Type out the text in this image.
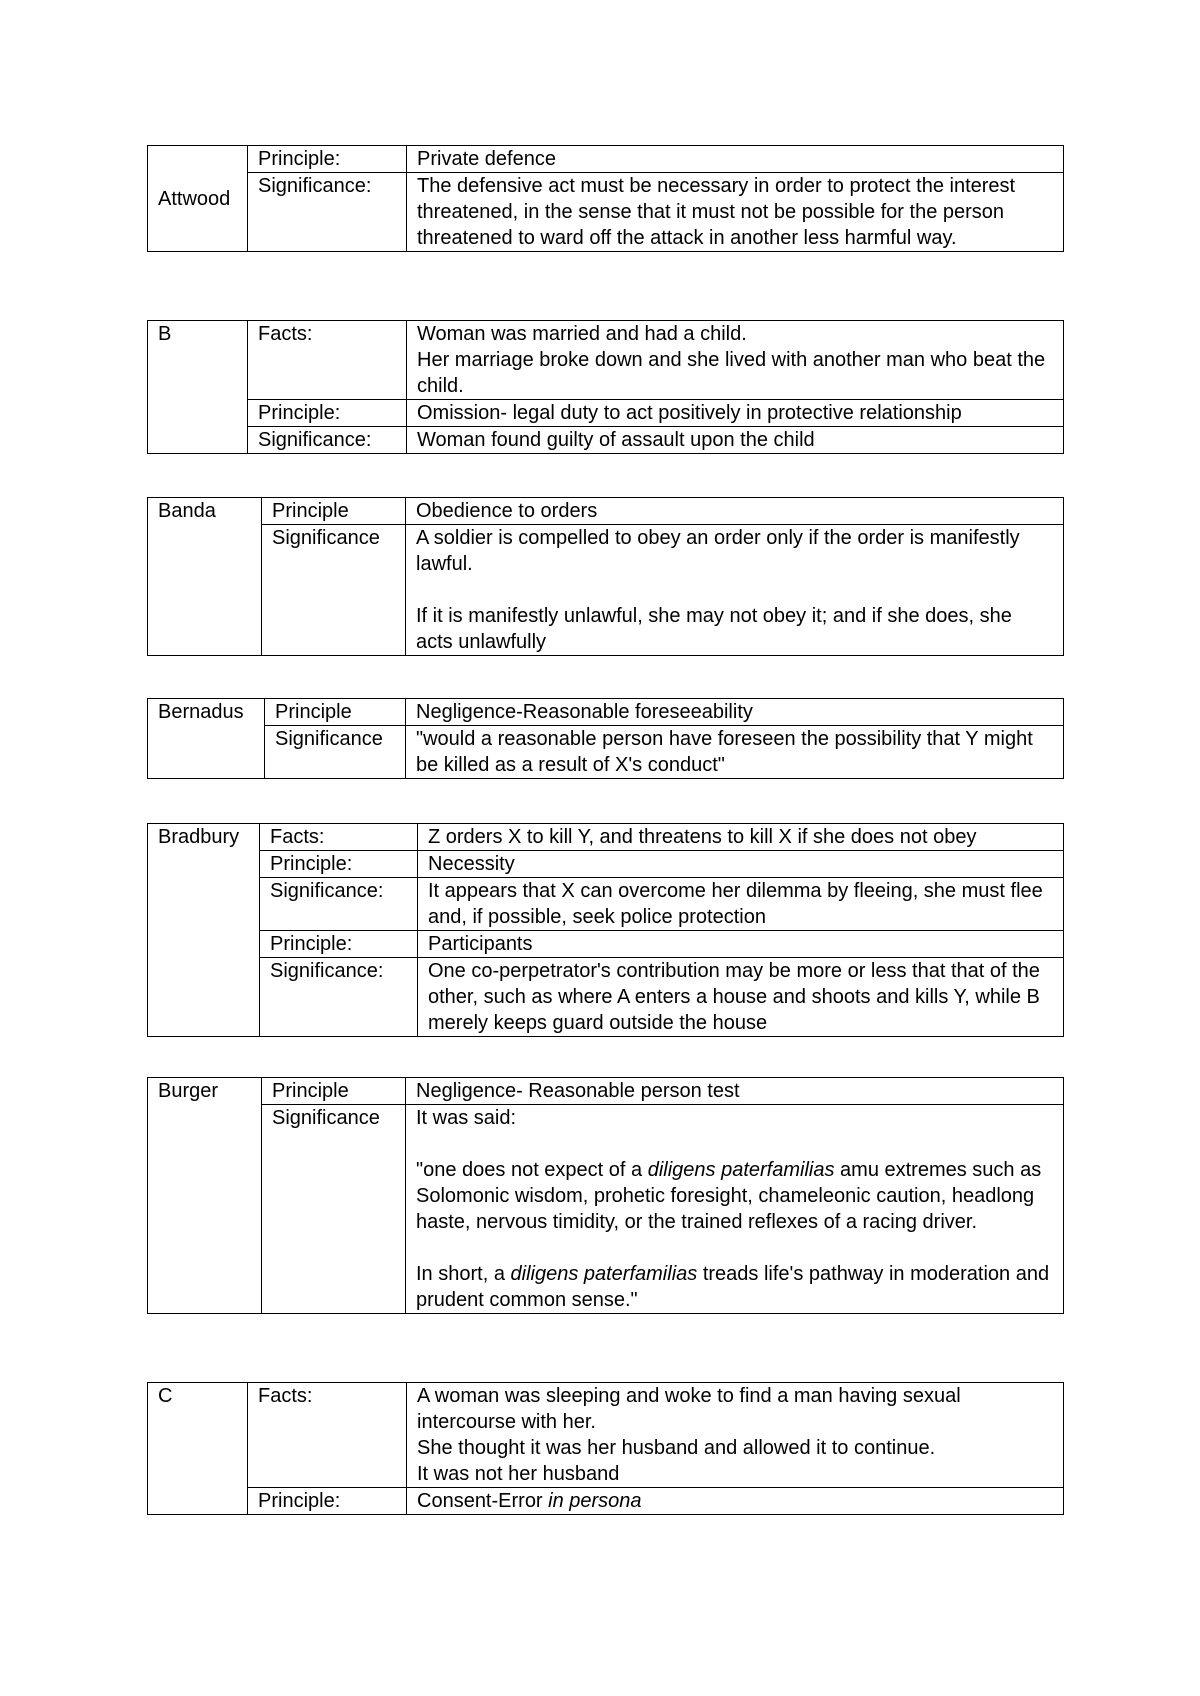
Attwood	Principle:	Private defence

	Significance:	The defensive act must be necessary in order to protect the interest threatened, in the sense that it must not be possible for the person threatened to ward off the attack in another less harmful way.
B	Facts:	Woman was married and had a child.
Her marriage broke down and she lived with another man who beat the child.

	Principle:	Omission- legal duty to act positively in protective relationship

	Significance:	Woman found guilty of assault upon the child
Banda	Principle	Obedience to orders

	Significance	A soldier is compelled to obey an order only if the order is manifestly lawful.
If it is manifestly unlawful, she may not obey it; and if she does, she acts unlawfully
Bernadus	Principle	Negligence-Reasonable foreseeability

	Significance	"would a reasonable person have foreseen the possibility that Y might be killed as a result of X's conduct"
Bradbury	Facts:	Z orders X to kill Y, and threatens to kill X if she does not obey

	Principle:	Necessity

	Significance:	It appears that X can overcome her dilemma by fleeing, she must flee and, if possible, seek police protection

	Principle:	Participants

	Significance:	One co-perpetrator's contribution may be more or less that that of the other, such as where A enters a house and shoots and kills Y, while B merely keeps guard outside the house
Burger	Principle	Negligence- Reasonable person test

	Significance	It was said:
"one does not expect of a diligens paterfamilias amu extremes such as Solomonic wisdom, prohetic foresight, chameleonic caution, headlong haste, nervous timidity, or the trained reflexes of a racing driver.
In short, a diligens paterfamilias treads life's pathway in moderation and prudent common sense."
C	Facts:	A woman was sleeping and woke to find a man having sexual intercourse with her.
She thought it was her husband and allowed it to continue.
It was not her husband

	Principle:	Consent-Error in persona
